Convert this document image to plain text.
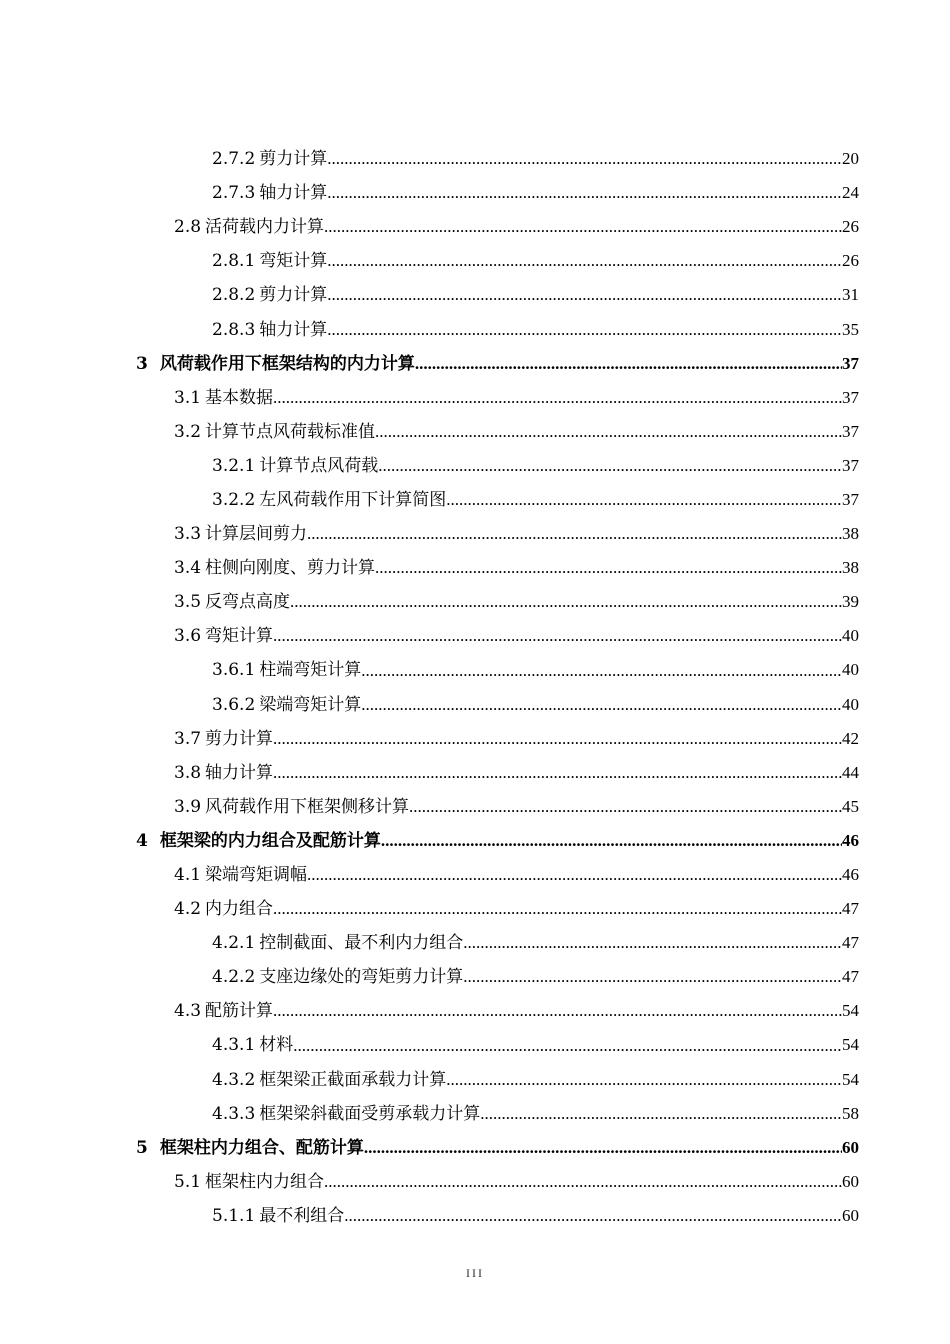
2.7.2 剪力计算 .....	20
2.7.3 轴力计算 .....	24
2.8 活荷载内力计算 .....	26
2.8.1 弯矩计算 .....	26
2.8.2 剪力计算 .....	31
2.8.3 轴力计算 .....	35
3 风荷载作用下框架结构的内力计算 .....	37
3.1 基本数据 .....	37
3.2 计算节点风荷载标准值 .....	37
3.2.1 计算节点风荷载 .....	37
3.2.2 左风荷载作用下计算简图 .....	37
3.3 计算层间剪力 .....	38
3.4 柱侧向刚度、剪力计算 .....	38
3.5 反弯点高度 .....	39
3.6 弯矩计算 .....	40
3.6.1 柱端弯矩计算 .....	40
3.6.2 梁端弯矩计算 .....	40
3.7 剪力计算 .....	42
3.8 轴力计算 .....	44
3.9 风荷载作用下框架侧移计算 .....	45
4 框架梁的内力组合及配筋计算 .....	46
4.1 梁端弯矩调幅 .....	46
4.2 内力组合 .....	47
4.2.1 控制截面、最不利内力组合 .....	47
4.2.2 支座边缘处的弯矩剪力计算 .....	47
4.3 配筋计算 .....	54
4.3.1 材料 .....	54
4.3.2 框架梁正截面承载力计算 .....	54
4.3.3 框架梁斜截面受剪承载力计算 .....	58
5 框架柱内力组合、配筋计算 .....	60
5.1 框架柱内力组合 .....	60
5.1.1 最不利组合 .....	60
III
